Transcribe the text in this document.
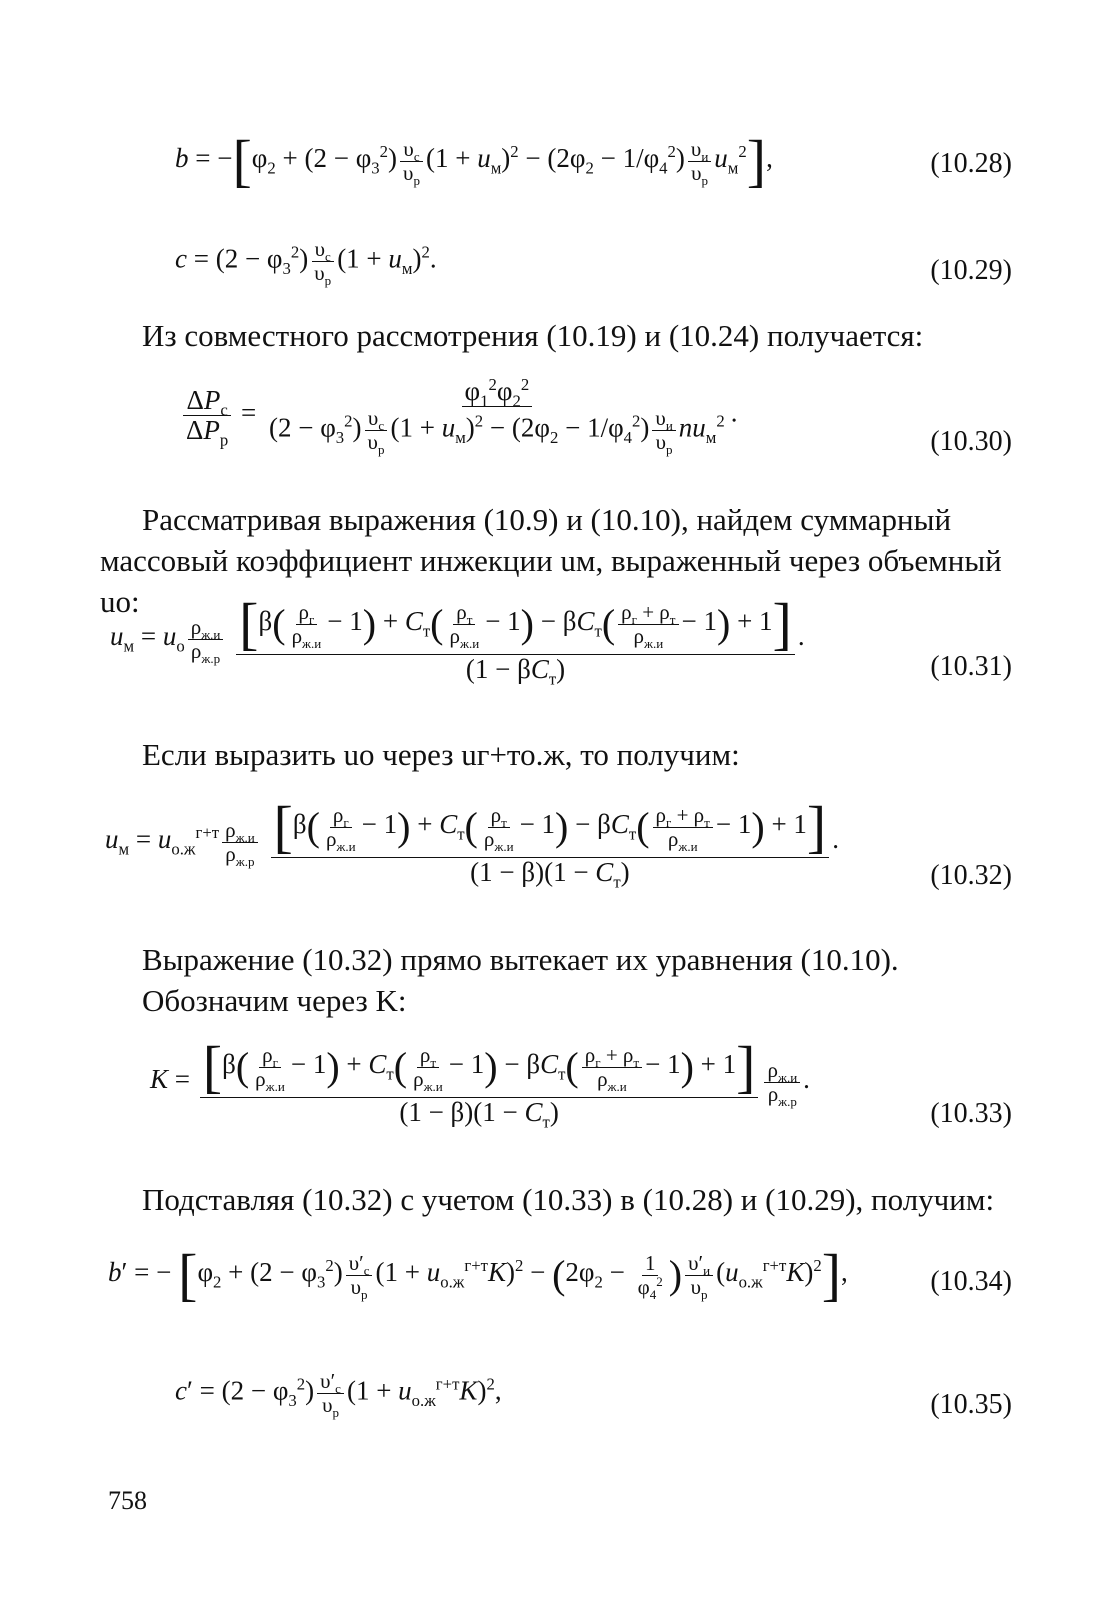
$b = -[\varphi_2 + (2 - \varphi_3^2) \frac{\upsilon_c}{\upsilon_p} (1 + u_м)^2 - (2\varphi_2 - 1/\varphi_4^2) \frac{\upsilon_и}{\upsilon_p} u_м^2]$,	(10.28)
$c = (2 - \varphi_3^2) \frac{\upsilon_c}{\upsilon_p} (1 + u_м)^2$.	(10.29)

Из совместного рассмотрения (10.19) и (10.24) получается:

$\frac{\Delta P_c}{\Delta P_p} = \frac{\varphi_1^2\varphi_2^2}{(2 - \varphi_3^2) \frac{\upsilon_c}{\upsilon_p} (1 + u_м)^2 - (2\varphi_2 - 1/\varphi_4^2) \frac{\upsilon_и}{\upsilon_p} nu_м^2}$ .
(10.30)

Рассматривая выражения (10.9) и (10.10), найдем суммарный массовый коэффициент инжекции uм, выраженный через объемный uо:

$u_м = u_o \frac{\rho_{ж.и}}{\rho_{ж.р}}$
$\frac{[\beta( \frac{\rho_г}{\rho_{ж.и}} - 1) + C_т( \frac{\rho_т}{\rho_{ж.и}} - 1) - \beta C_т( \frac{\rho_г + \rho_т}{\rho_{ж.и}} - 1) + 1]}{(1 - \beta C_т)}$ .
(10.31)

Если выразить uо через uг+то.ж, то получим:

$u_м = u_{о.ж}^{г+т} \frac{\rho_{ж.и}}{\rho_{ж.р}}$
$\frac{[\beta( \frac{\rho_г}{\rho_{ж.и}} - 1) + C_т( \frac{\rho_т}{\rho_{ж.и}} - 1) - \beta C_т( \frac{\rho_г + \rho_т}{\rho_{ж.и}} - 1) + 1]}{(1 - \beta)(1 - C_т)}$ .
(10.32)

Выражение (10.32) прямо вытекает их уравнения (10.10).

Обозначим через K:

$K = \frac{[\beta( \frac{\rho_г}{\rho_{ж.и}} - 1) + C_т( \frac{\rho_т}{\rho_{ж.и}} - 1) - \beta C_т( \frac{\rho_г + \rho_т}{\rho_{ж.и}} - 1) + 1]}{(1 - \beta)(1 - C_т)} \frac{\rho_{ж.и}}{\rho_{ж.р}}$ .
(10.33)

Подставляя (10.32) с учетом (10.33) в (10.28) и (10.29), получим:

b′ = − [$\varphi_2 + (2 - \varphi_3^2) \frac{\upsilon'_c}{\upsilon_p} (1 + u_{о.ж}^{г+т}K)^2 - (2\varphi_2 - \frac{1}{\varphi_4^2}$ ) $\frac{\upsilon'_и}{\upsilon_p} (u_{о.ж}^{г+т}K)^2$],	(10.34)
$c' = (2 - \varphi_3^2) \frac{\upsilon'_c}{\upsilon_p} (1 + u_{о.ж}^{г+т}K)^2$,	(10.35)
758
